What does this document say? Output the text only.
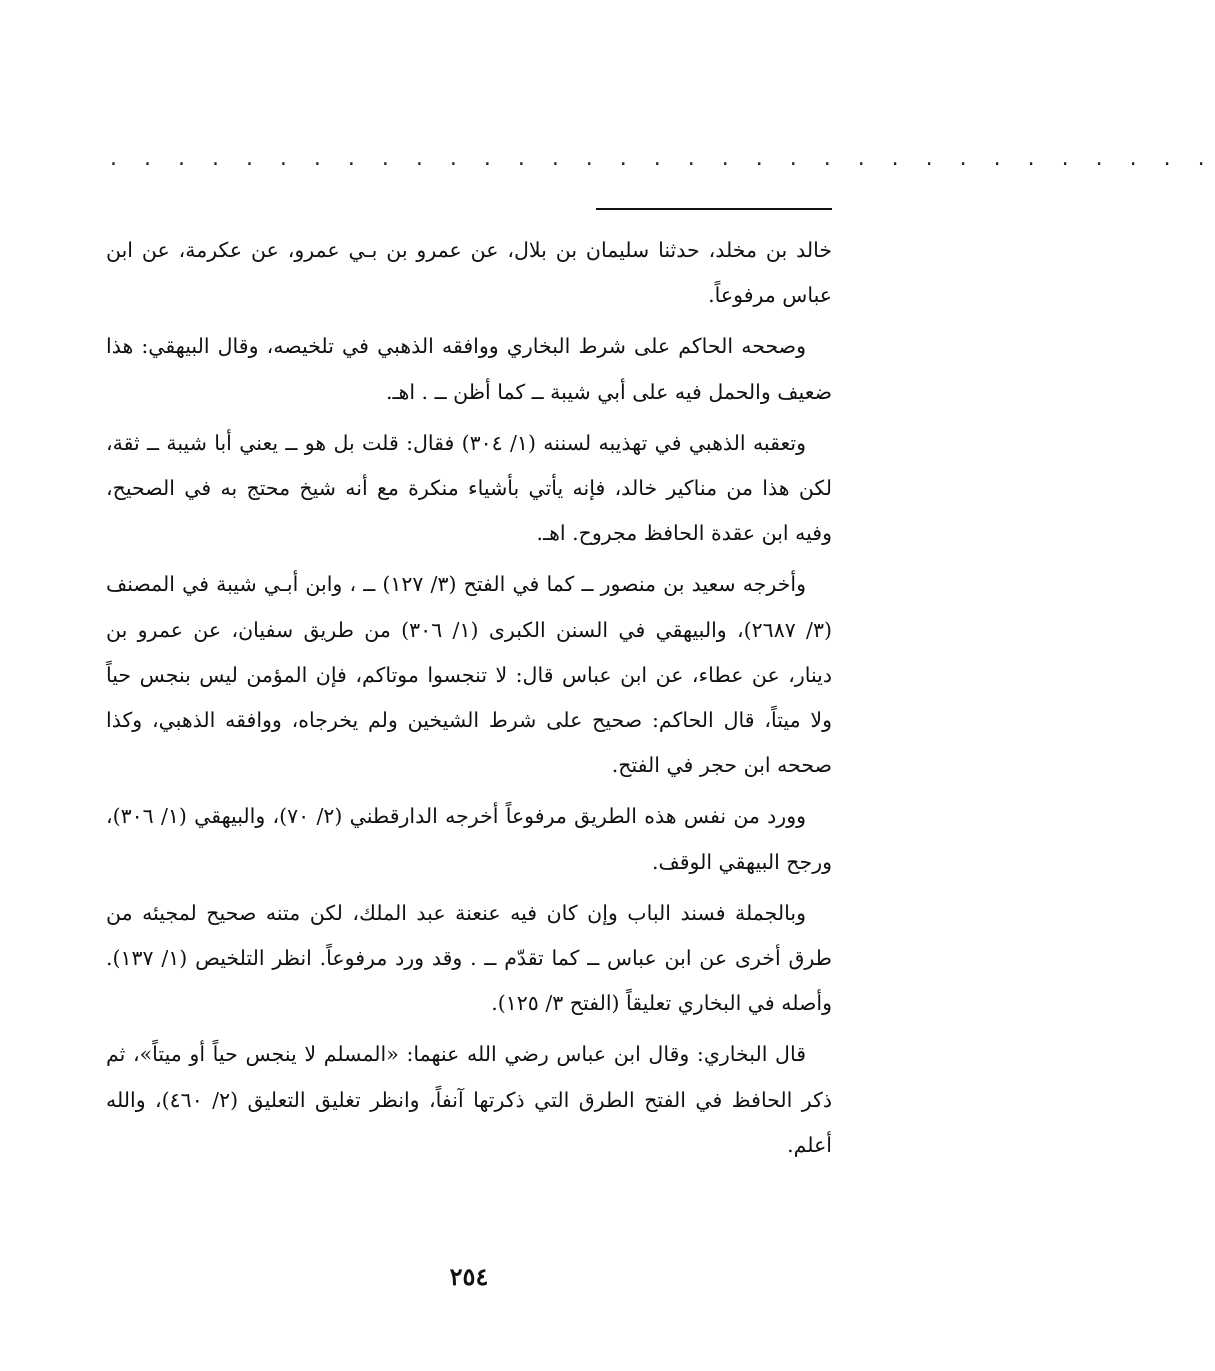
. . . . . . . . . . . . . . . . . . . . . . . . . . . . . . . . .

خالد بن مخلد، حدثنا سليمان بن بلال، عن عمرو بن بـي عمرو، عن عكرمة، عن ابن عباس مرفوعاً.

وصححه الحاكم على شرط البخاري ووافقه الذهبي في تلخيصه، وقال البيهقي: هذا ضعيف والحمل فيه على أبي شيبة ــ كما أظن ــ . اهـ.

وتعقبه الذهبي في تهذيبه لسننه (١/ ٣٠٤) فقال: قلت بل هو ــ يعني أبا شيبة ــ ثقة، لكن هذا من مناكير خالد، فإنه يأتي بأشياء منكرة مع أنه شيخ محتج به في الصحيح، وفيه ابن عقدة الحافظ مجروح. اهـ.

وأخرجه سعيد بن منصور ــ كما في الفتح (٣/ ١٢٧) ــ ، وابن أبـي شيبة في المصنف (٣/ ٢٦٨٧)، والبيهقي في السنن الكبرى (١/ ٣٠٦) من طريق سفيان، عن عمرو بن دينار، عن عطاء، عن ابن عباس قال: لا تنجسوا موتاكم، فإن المؤمن ليس بنجس حياً ولا ميتاً، قال الحاكم: صحيح على شرط الشيخين ولم يخرجاه، ووافقه الذهبي، وكذا صححه ابن حجر في الفتح.

وورد من نفس هذه الطريق مرفوعاً أخرجه الدارقطني (٢/ ٧٠)، والبيهقي (١/ ٣٠٦)، ورجح البيهقي الوقف.

وبالجملة فسند الباب وإن كان فيه عنعنة عبد الملك، لكن متنه صحيح لمجيئه من طرق أخرى عن ابن عباس ــ كما تقدّم ــ . وقد ورد مرفوعاً. انظر التلخيص (١/ ١٣٧). وأصله في البخاري تعليقاً (الفتح ٣/ ١٢٥).

قال البخاري: وقال ابن عباس رضي الله عنهما: «المسلم لا ينجس حياً أو ميتاً»، ثم ذكر الحافظ في الفتح الطرق التي ذكرتها آنفاً، وانظر تغليق التعليق (٢/ ٤٦٠)، والله أعلم.

٢٥٤
